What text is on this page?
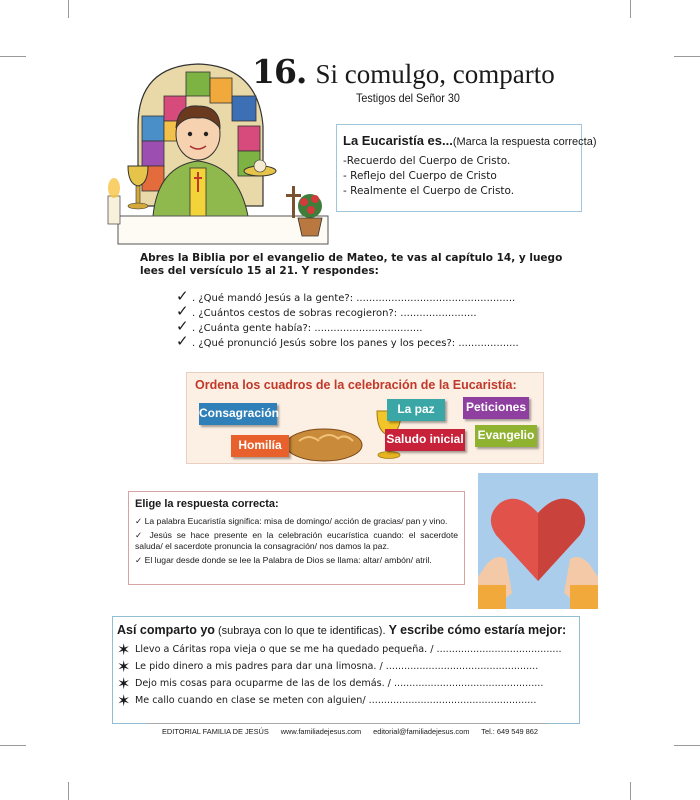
16. Si comulgo, comparto
Testigos del Señor 30
La Eucaristía es...(Marca la respuesta correcta)
-Recuerdo del Cuerpo de Cristo.
- Reflejo del Cuerpo de Cristo
- Realmente el Cuerpo de Cristo.
Abres la Biblia por el evangelio de Mateo, te vas al capítulo 14, y luego lees del versículo 15 al 21. Y respondes:
✓ . ¿Qué mandó Jesús a la gente?: ..................................................
✓ . ¿Cuántos cestos de sobras recogieron?: ........................
✓ . ¿Cuánta gente había?: ..................................
✓ . ¿Qué pronunció Jesús sobre los panes y los peces?: ...................
Ordena los cuadros de la celebración de la Eucaristía:
Consagración	La paz	Peticiones
Homilía	Saludo inicial Evangelio
Elige la respuesta correcta:
✓ La palabra Eucaristía significa: misa de domingo/ acción de gracias/ pan y vino.
✓ Jesús se hace presente en la celebración eucarística cuando: el sacerdote saluda/ el sacerdote pronuncia la consagración/ nos damos la paz.
✓ El lugar desde donde se lee la Palabra de Dios se llama: altar/ ambón/ atril.
Así comparto yo (subraya con lo que te identificas). Y escribe cómo estaría mejor:
✶ Llevo a Cáritas ropa vieja o que se me ha quedado pequeña. / .........................................
✶ Le pido dinero a mis padres para dar una limosna. / ..................................................
✶ Dejo mis cosas para ocuparme de las de los demás. / .................................................
✶ Me callo cuando en clase se meten con alguien/ .......................................................
EDITORIAL FAMILIA DE JESÚS www.familiadejesus.com editorial@familiadejesus.com Tel.: 649 549 862
